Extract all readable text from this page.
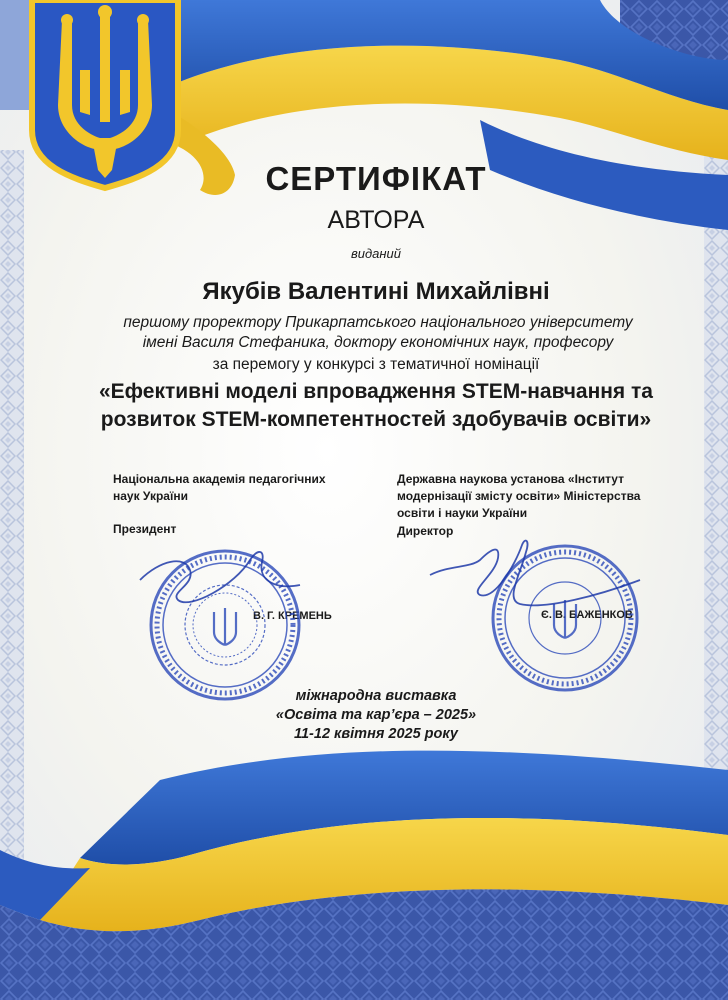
СЕРТИФІКАТ

АВТОРА

виданий

Якубів Валентині Михайлівні

першому проректору Прикарпатського національного університету

імені Василя Стефаника, доктору економічних наук, професору

за перемогу у конкурсі з тематичної номінації

«Ефективні моделі впровадження STEM-навчання та

розвиток STEM-компетентностей здобувачів освіти»

Національна академія педагогічних
наук України
Державна наукова установа «Інститут
модернізації змісту освіти» Міністерства
освіти і науки України

Президент	Директор

В. Г. КРЕМЕНЬ	Є. В. БАЖЕНКОВ

міжнародна виставка

«Освіта та кар’єра – 2025»

11-12 квітня 2025 року
